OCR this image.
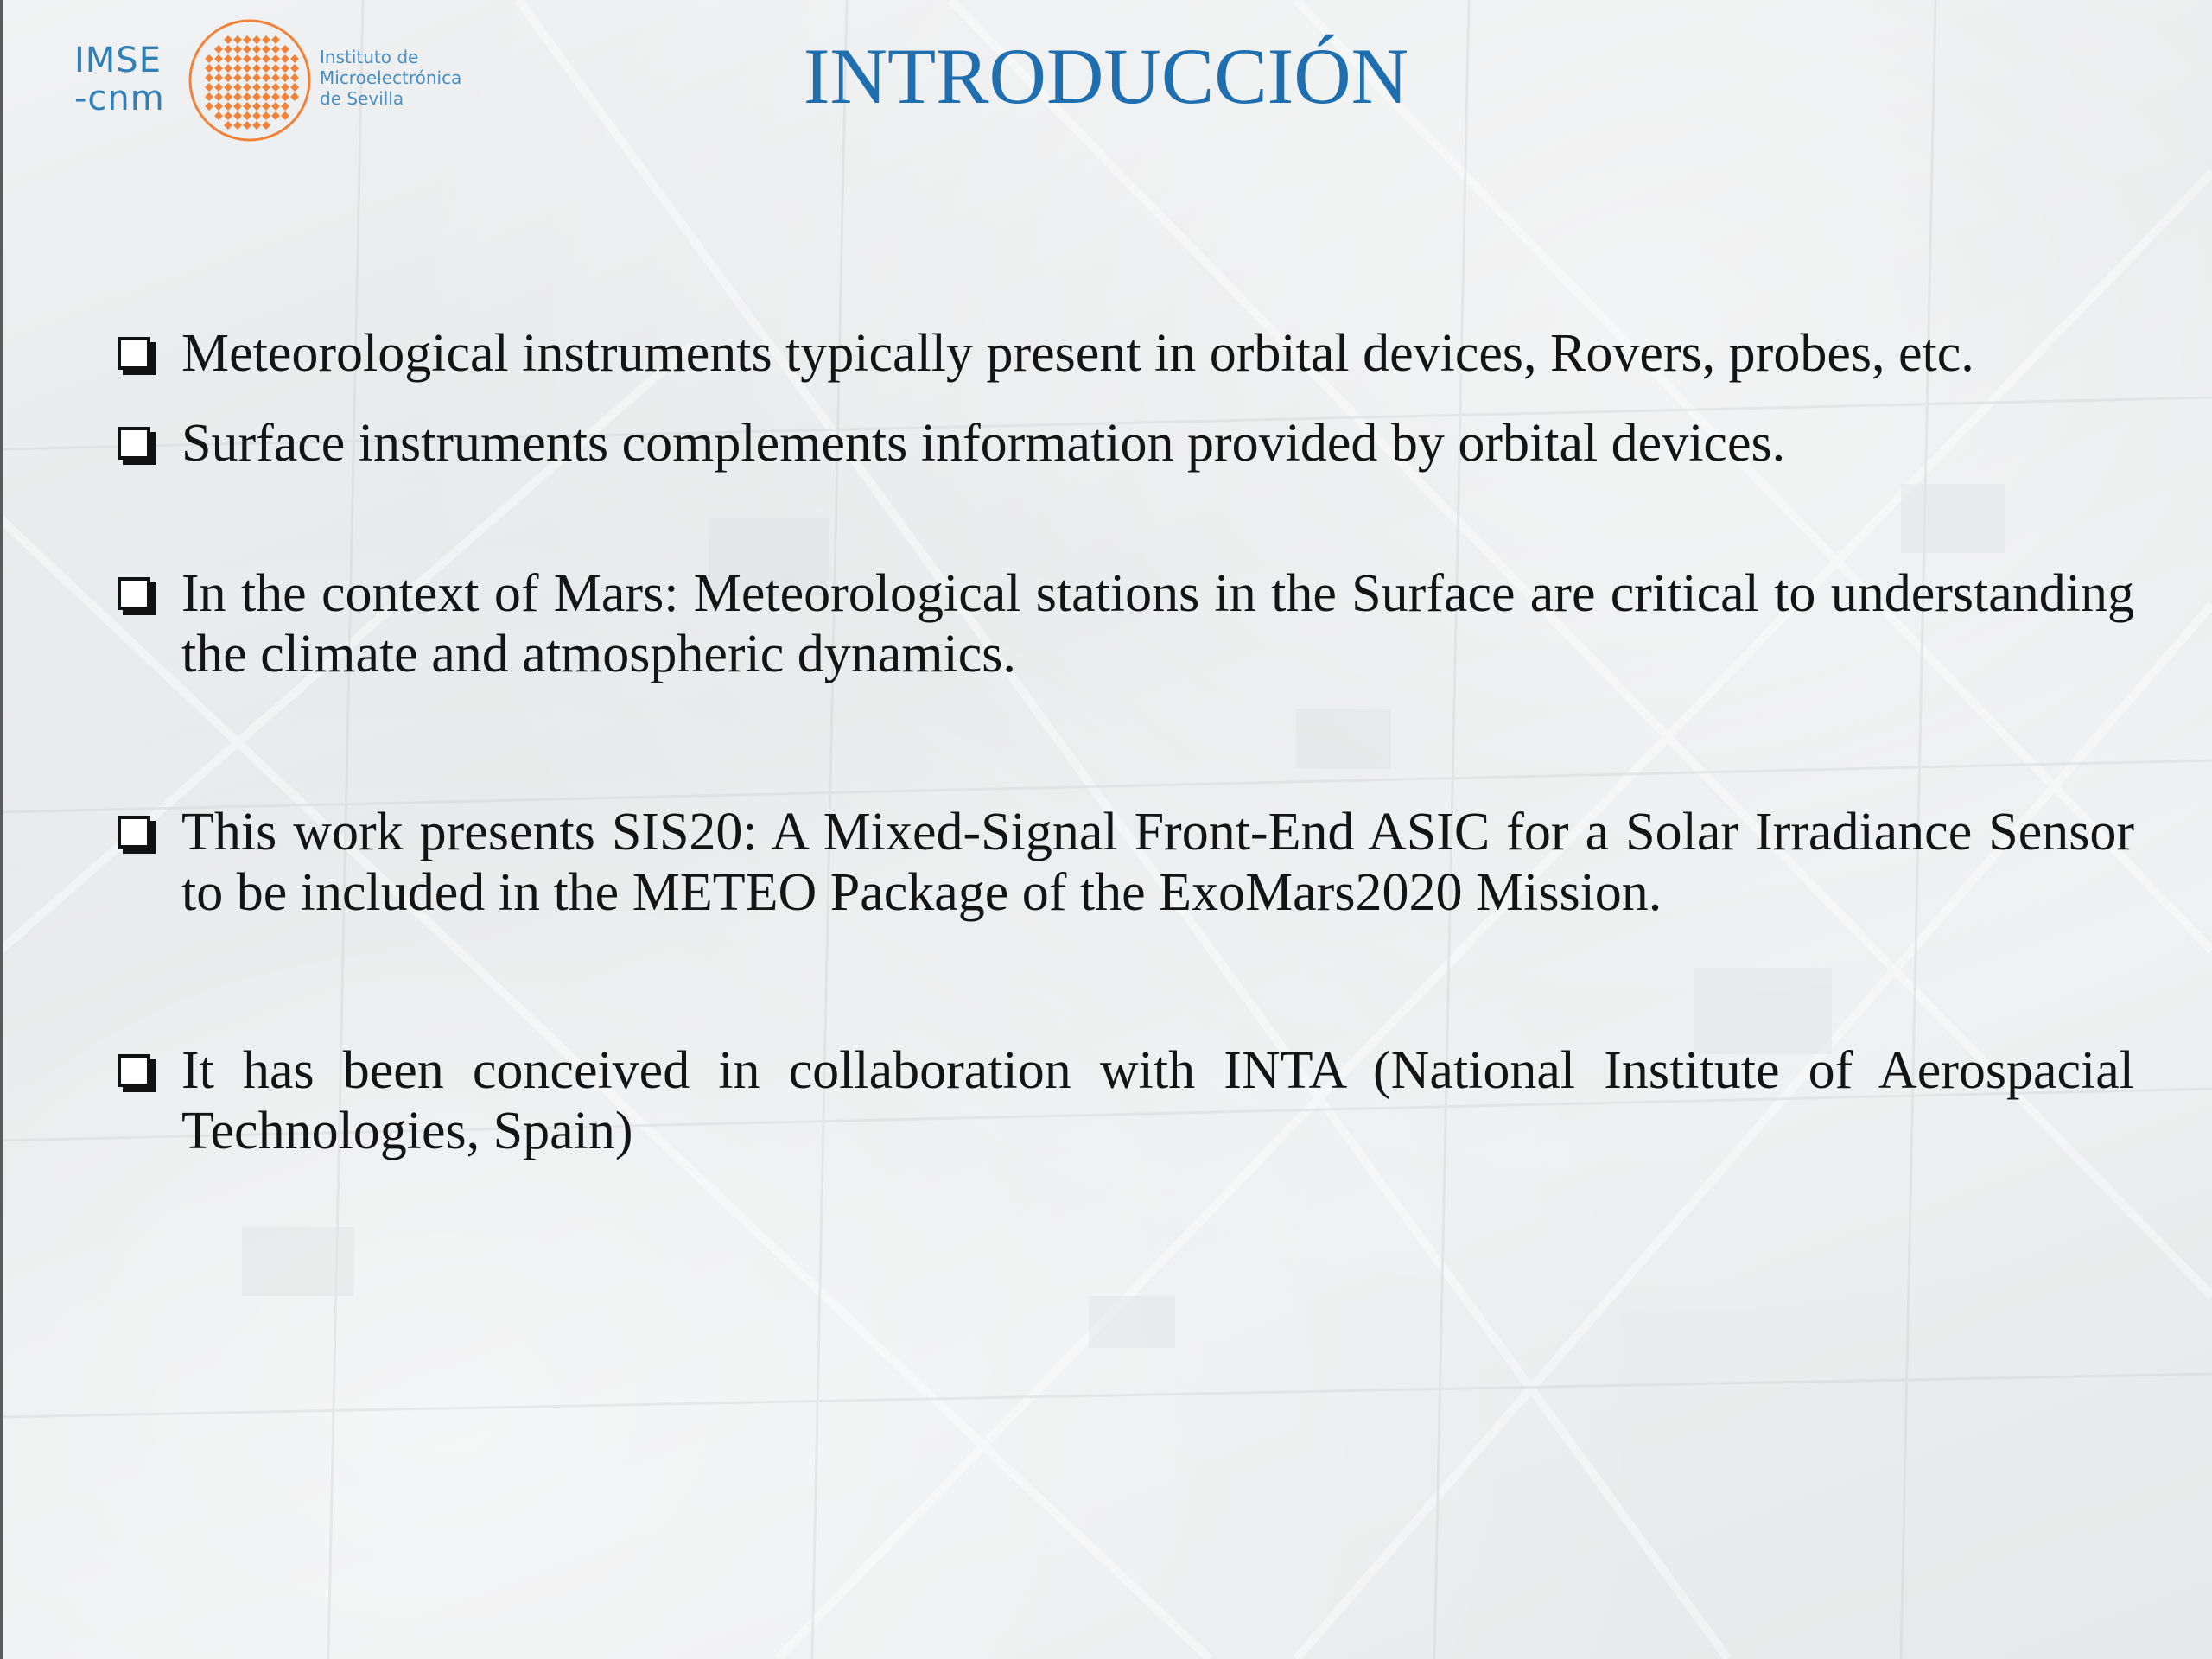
IMSE
-cnm
Instituto de
Microelectrónica
de Sevilla	INTRODUCCIÓN
Meteorological instruments typically present in orbital devices, Rovers, probes, etc.
Surface instruments complements information provided by orbital devices.
In the context of Mars: Meteorological stations in the Surface are critical to understanding the climate and atmospheric dynamics.
This work presents SIS20: A Mixed-Signal Front-End ASIC for a Solar Irradiance Sensor to be included in the METEO Package of the ExoMars2020 Mission.
It has been conceived in collaboration with INTA (National Institute of Aerospacial Technologies, Spain)
